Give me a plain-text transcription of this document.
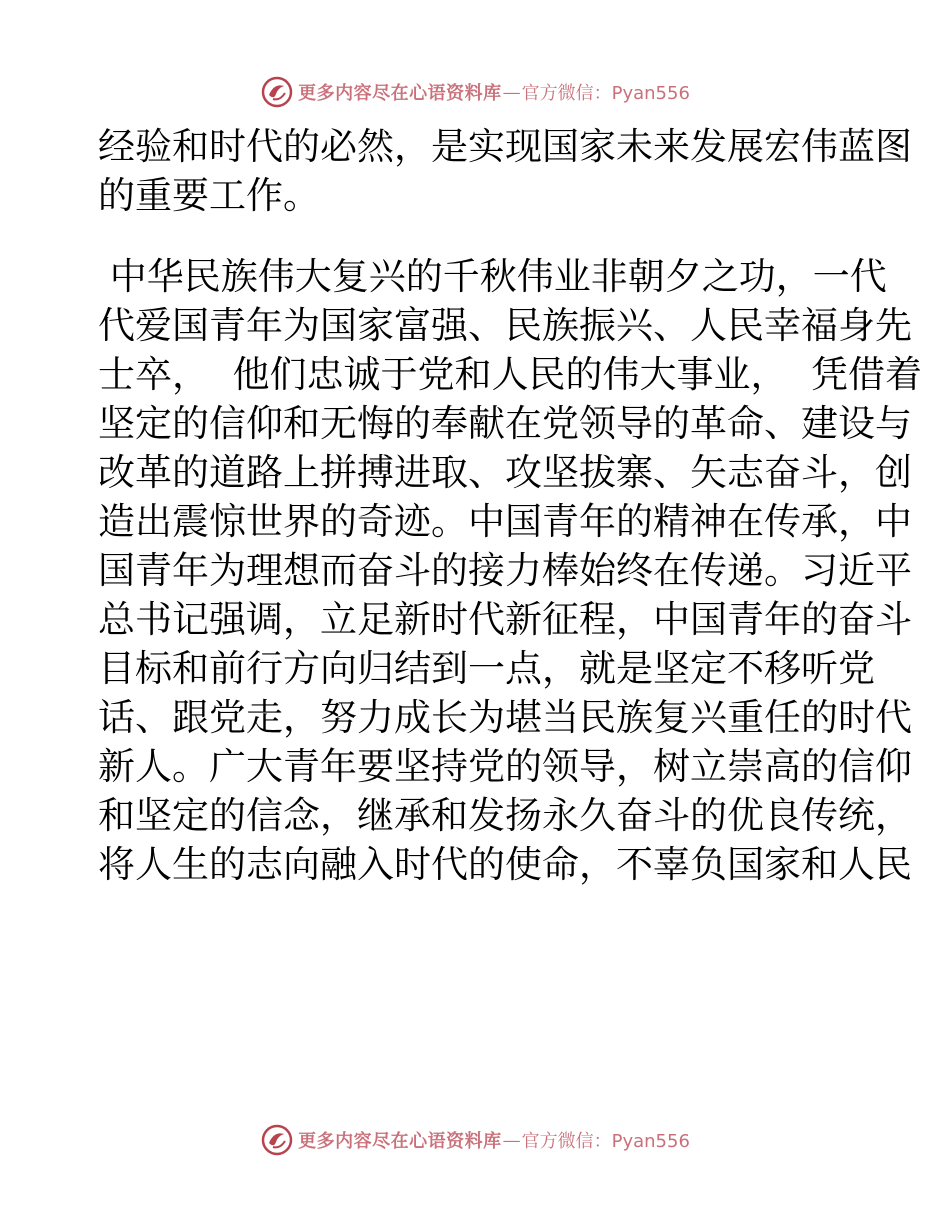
更多内容尽在心语资料库 — 官方微信：Pyan556
经验和时代的必然，是实现国家未来发展宏伟蓝图
的重要工作。
中华民族伟大复兴的千秋伟业非朝夕之功，一代
代爱国青年为国家富强、民族振兴、人民幸福身先
士卒，  他们忠诚于党和人民的伟大事业，  凭借着
坚定的信仰和无悔的奉献在党领导的革命、建设与
改革的道路上拼搏进取、攻坚拔寨、矢志奋斗，创
造出震惊世界的奇迹。中国青年的精神在传承，中
国青年为理想而奋斗的接力棒始终在传递。习近平
总书记强调，立足新时代新征程，中国青年的奋斗
目标和前行方向归结到一点，就是坚定不移听党
话、跟党走，努力成长为堪当民族复兴重任的时代
新人。广大青年要坚持党的领导，树立崇高的信仰
和坚定的信念，继承和发扬永久奋斗的优良传统，
将人生的志向融入时代的使命，不辜负国家和人民
更多内容尽在心语资料库 — 官方微信：Pyan556
